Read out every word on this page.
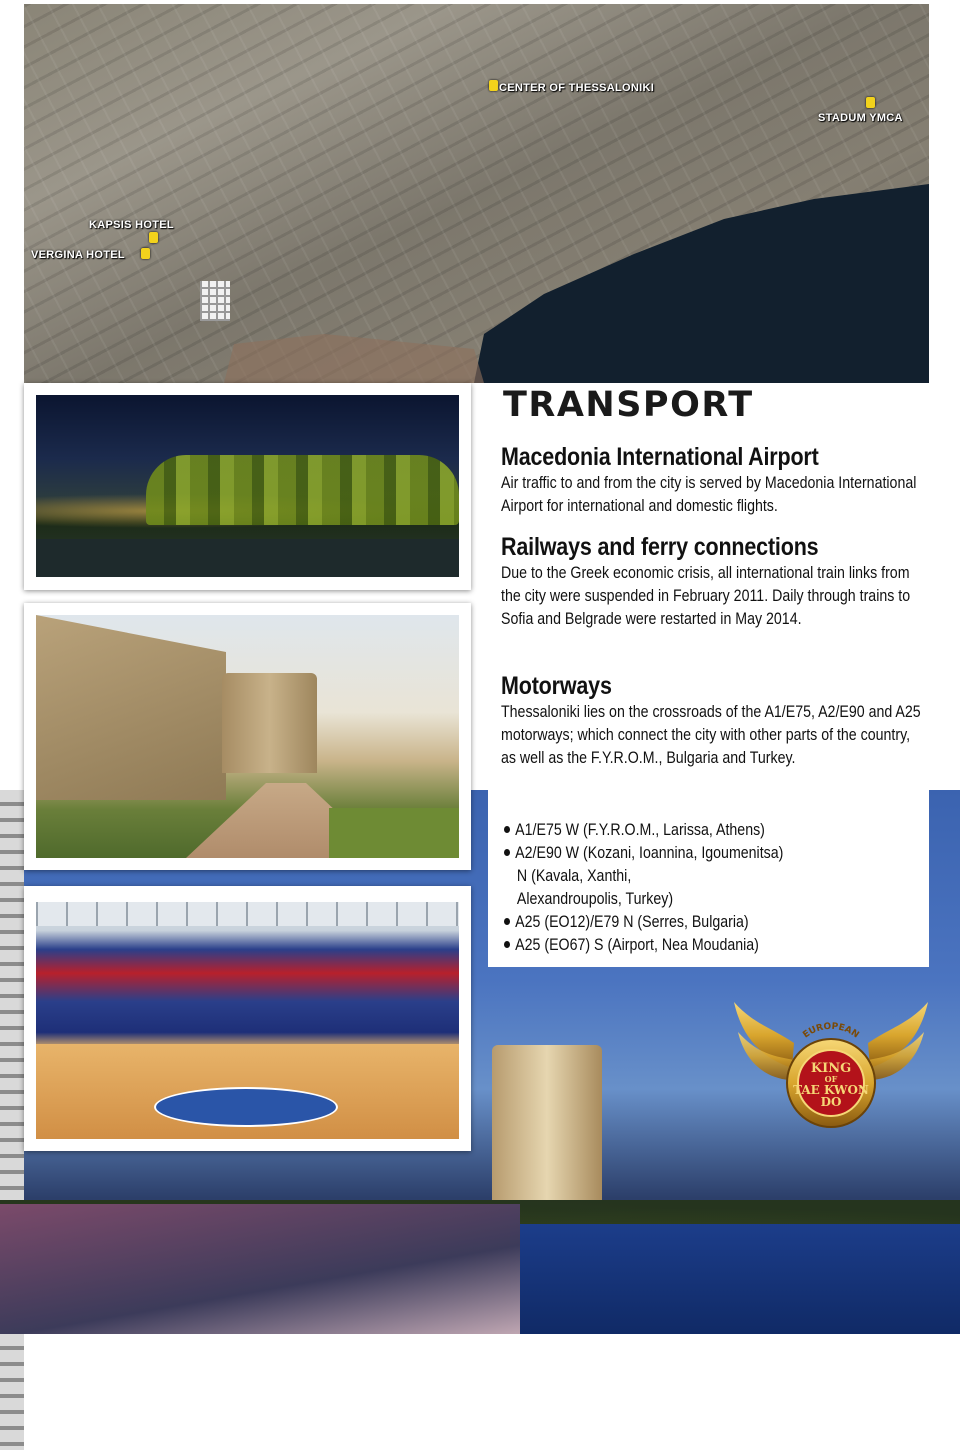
CENTER OF THESSALONIKI
STADUM YMCA
KAPSIS HOTEL
VERGINA HOTEL
TRANSPORT
Macedonia International Airport

Air traffic to and from the city is served by Macedonia International Airport for international and domestic flights.

Railways and ferry connections

Due to the Greek economic crisis, all international train links from the city were suspended in February 2011. Daily through trains to Sofia and Belgrade were restarted in May 2014.

Motorways

Thessaloniki lies on the crossroads of the A1/E75, A2/E90 and A25 motorways; which connect the city with other parts of the country, as well as the F.Y.R.O.M., Bulgaria and Turkey.

A1/E75 W (F.Y.R.O.M., Larissa, Athens)
A2/E90 W (Kozani, Ioannina, Igoumenitsa)
N (Kavala, Xanthi,
Alexandroupolis, Turkey)
A25 (EO12)/E79 N (Serres, Bulgaria)
A25 (EO67) S (Airport, Nea Moudania)
EUROPEAN
KING
OF
TAE KWON
DO
